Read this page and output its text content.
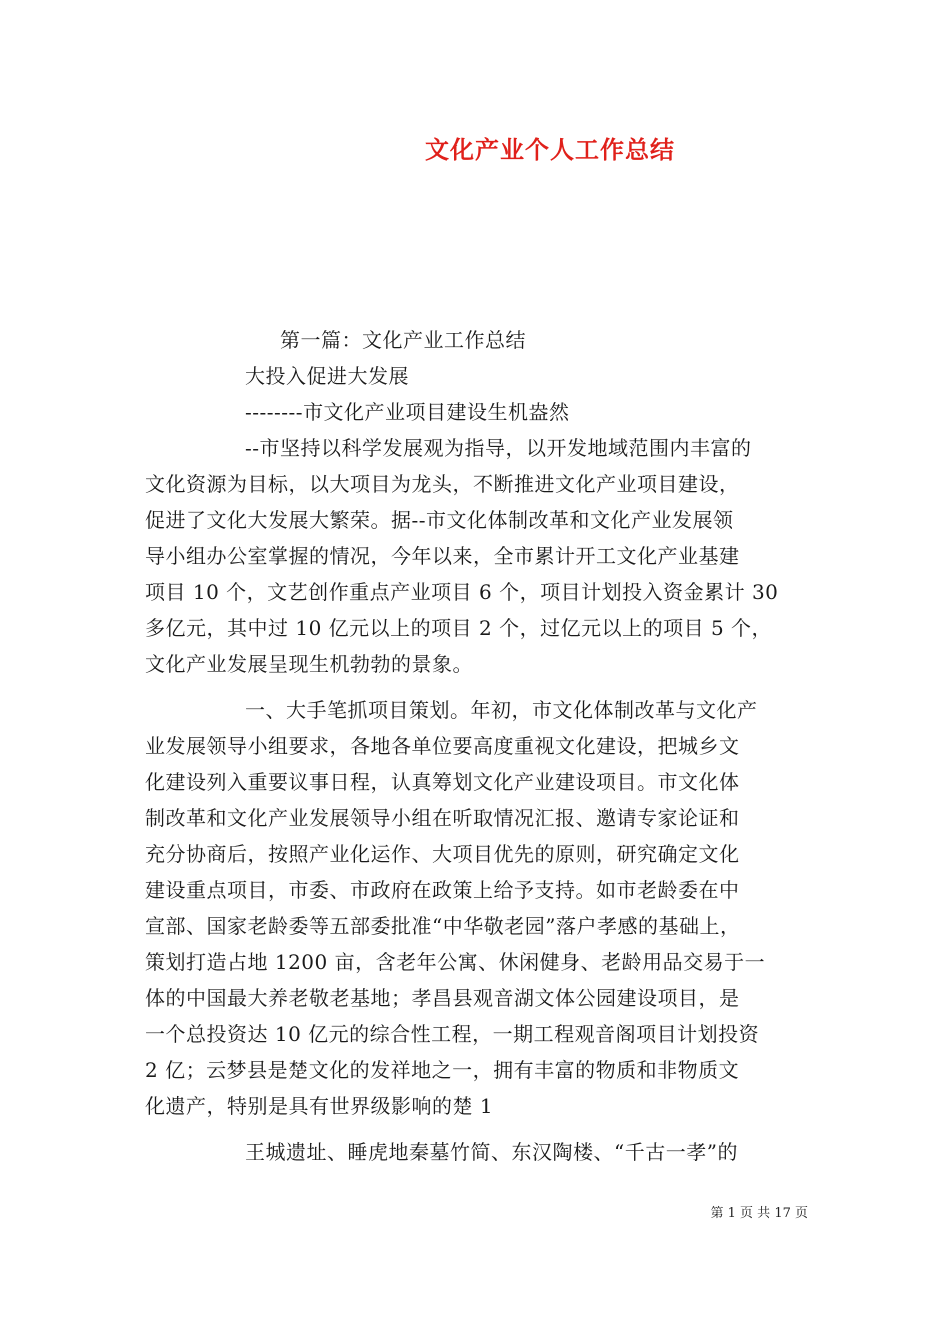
文化产业个人工作总结
第一篇：文化产业工作总结
大投入促进大发展
--------市文化产业项目建设生机盎然
--市坚持以科学发展观为指导，以开发地域范围内丰富的
文化资源为目标，以大项目为龙头，不断推进文化产业项目建设，
促进了文化大发展大繁荣。据--市文化体制改革和文化产业发展领
导小组办公室掌握的情况，今年以来，全市累计开工文化产业基建
项目 10 个，文艺创作重点产业项目 6 个，项目计划投入资金累计 30
多亿元，其中过 10 亿元以上的项目 2 个，过亿元以上的项目 5 个，
文化产业发展呈现生机勃勃的景象。
一、大手笔抓项目策划。年初，市文化体制改革与文化产
业发展领导小组要求，各地各单位要高度重视文化建设，把城乡文
化建设列入重要议事日程，认真筹划文化产业建设项目。市文化体
制改革和文化产业发展领导小组在听取情况汇报、邀请专家论证和
充分协商后，按照产业化运作、大项目优先的原则，研究确定文化
建设重点项目，市委、市政府在政策上给予支持。如市老龄委在中
宣部、国家老龄委等五部委批准“中华敬老园”落户孝感的基础上，
策划打造占地 1200 亩，含老年公寓、休闲健身、老龄用品交易于一
体的中国最大养老敬老基地；孝昌县观音湖文体公园建设项目，是
一个总投资达 10 亿元的综合性工程，一期工程观音阁项目计划投资
2 亿；云梦县是楚文化的发祥地之一，拥有丰富的物质和非物质文
化遗产，特别是具有世界级影响的楚 1
王城遗址、睡虎地秦墓竹简、东汉陶楼、“千古一孝”的
第 1 页 共 17 页
